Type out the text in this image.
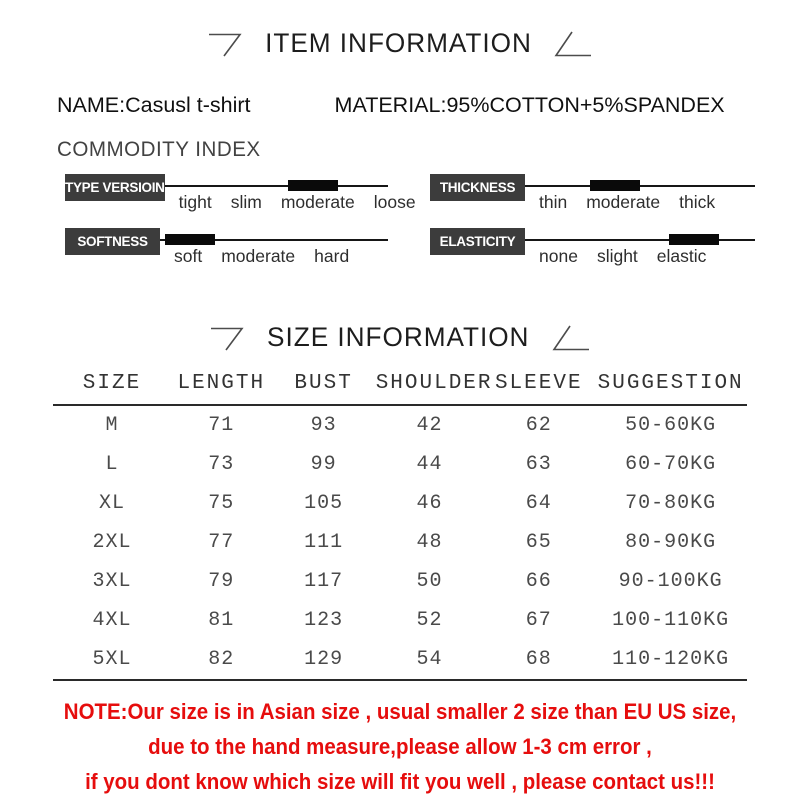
ITEM INFORMATION
NAME:Casusl t-shirt	MATERIAL:95%COTTON+5%SPANDEX
COMMODITY INDEX
TYPE VERSIOIN
tight slim moderate loose
THICKNESS
thin moderate thick
SOFTNESS
soft moderate hard
ELASTICITY
none slight elastic
SIZE INFORMATION
SIZE	LENGTH	BUST	SHOULDER	SLEEVE	SUGGESTION
M	71	93	42	62	50-60KG
L	73	99	44	63	60-70KG
XL	75	105	46	64	70-80KG
2XL	77	111	48	65	80-90KG
3XL	79	117	50	66	90-100KG
4XL	81	123	52	67	100-110KG
5XL	82	129	54	68	110-120KG
NOTE:Our size is in Asian size , usual smaller 2 size than EU US size,
due to the hand measure,please allow 1-3 cm error ,
if you dont know which size will fit you well , please contact us!!!
